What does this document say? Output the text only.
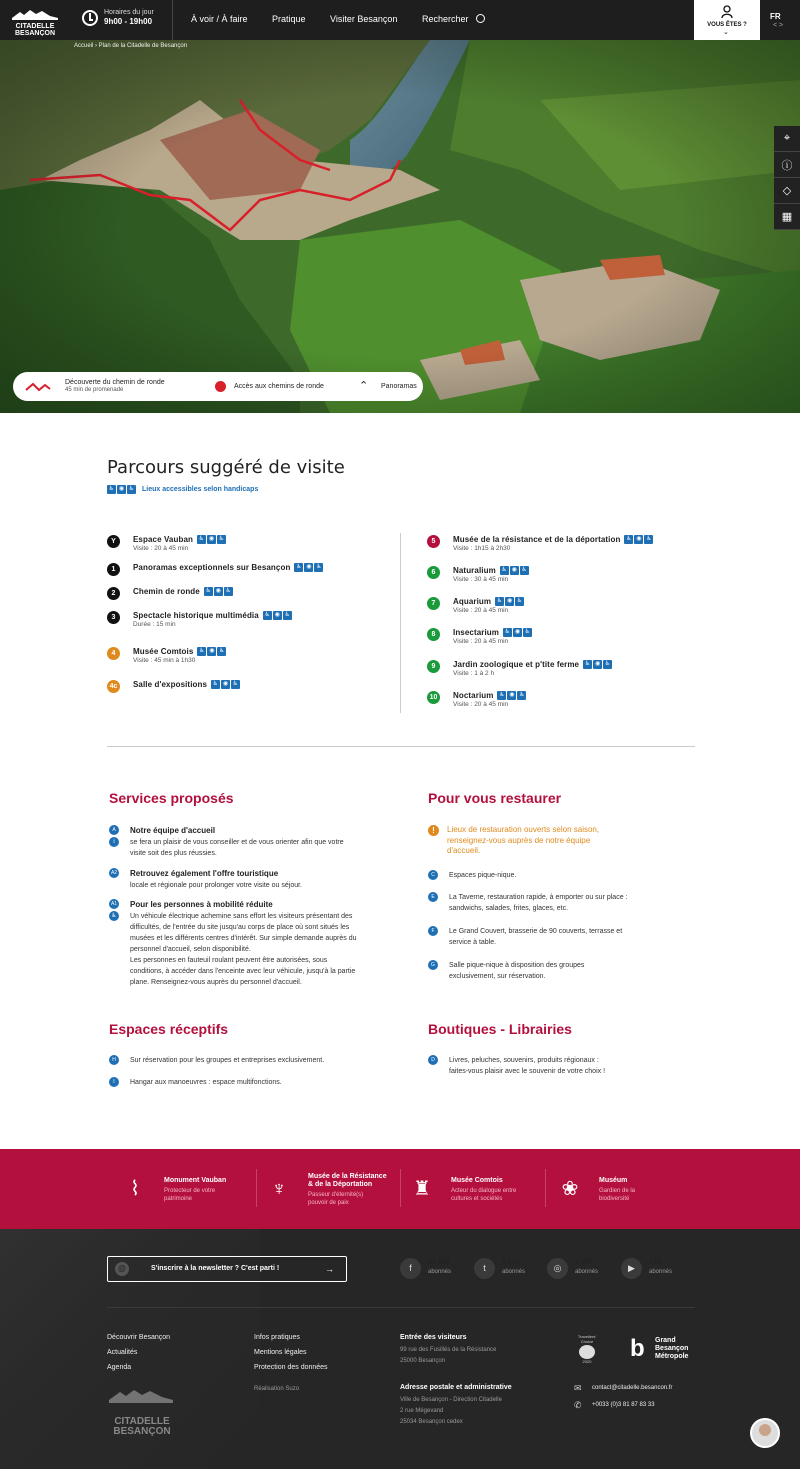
CITADELLE
BESANÇON
Horaires du jour
9h00 - 19h00	À voir / À faire	Pratique	Visiter Besançon	Rechercher
VOUS ÊTES ?
⌄
FR
< >
⌖
ⓘ
◇
▦
Accueil › Plan de la Citadelle de Besançon
Découverte du chemin de ronde
45 min de promenade	Accès aux chemins de ronde	⌃ Panoramas
Parcours suggéré de visite
♿ ◉ ♿ Lieux accessibles selon handicaps
Y	Espace Vauban ♿ ◉ ♿
Visite : 20 à 45 min
1	Panoramas exceptionnels sur Besançon ♿ ◉ ♿
2	Chemin de ronde ♿ ◉ ♿
3	Spectacle historique multimédia ♿ ◉ ♿
Durée : 15 min
4	Musée Comtois ♿ ◉ ♿
Visite : 45 min à 1h30
4c	Salle d'expositions ♿ ◉ ♿
5	Musée de la résistance et de la déportation ♿ ◉ ♿
Visite : 1h15 à 2h30
6	Naturalium ♿ ◉ ♿
Visite : 30 à 45 min
7	Aquarium ♿ ◉ ♿
Visite : 20 à 45 min
8	Insectarium ♿ ◉ ♿
Visite : 20 à 45 min
9	Jardin zoologique et p'tite ferme ♿ ◉ ♿
Visite : 1 à 2 h
10	Noctarium ♿ ◉ ♿
Visite : 20 à 45 min
Services proposés
A
i
Notre équipe d'accueil

se fera un plaisir de vous conseiller et de vous orienter afin que votre
visite soit des plus réussies.
A2 Retrouvez également l'offre touristique

locale et régionale pour prolonger votre visite ou séjour.
A1
♿
Pour les personnes à mobilité réduite

Un véhicule électrique achemine sans effort les visiteurs présentant des
difficultés, de l'entrée du site jusqu'au corps de place où sont situés les
musées et les différents centres d'intérêt. Sur simple demande auprès du
personnel d'accueil, selon disponibilité.
Les personnes en fauteuil roulant peuvent être autorisées, sous
conditions, à accéder dans l'enceinte avec leur véhicule, jusqu'à la partie
plane. Renseignez-vous auprès du personnel d'accueil.
Pour vous restaurer
!	Lieux de restauration ouverts selon saison,
renseignez-vous auprès de notre équipe
d'accueil.
C	Espaces pique-nique.
E	La Taverne, restauration rapide, à emporter ou sur place :
sandwichs, salades, frites, glaces, etc.
F	Le Grand Couvert, brasserie de 90 couverts, terrasse et
service à table.
G	Salle pique-nique à disposition des groupes
exclusivement, sur réservation.
Espaces réceptifs
H	Sur réservation pour les groupes et entreprises exclusivement.
I	Hangar aux manoeuvres : espace multifonctions.
Boutiques - Librairies
D	Livres, peluches, souvenirs, produits régionaux :
faites-vous plaisir avec le souvenir de votre choix !
⌇	Monument Vauban
Protecteur de votre
patrimoine	♆
Musée de la Résistance
& de la Déportation
Passeur d'éternité(s)
pouvoir de paix
♜	Musée Comtois
Acteur du dialogue entre
cultures et sociétés	❀	Muséum
Gardien de la
biodiversité
CITADELLE BESANÇON
@	S'inscrire à la newsletter ? C'est parti !	→	f
29 180
abonnés	t
2 603
abonnés	◎
3 366
abonnés	▶
143
abonnés
Découvrir Besançon
Actualités
Agenda
Infos pratiques
Mentions légales
Protection des données
Réalisation Suzo
Entrée des visiteurs
99 rue des Fusillés de la Résistance
25000 Besançon
Adresse postale et administrative
Ville de Besançon - Direction Citadelle
2 rue Mégevand
25034 Besançon cedex
Travellers'
Choice
2020	b	Grand
Besançon
Métropole
✉ contact@citadelle.besancon.fr
✆ +0033 (0)3 81 87 83 33
